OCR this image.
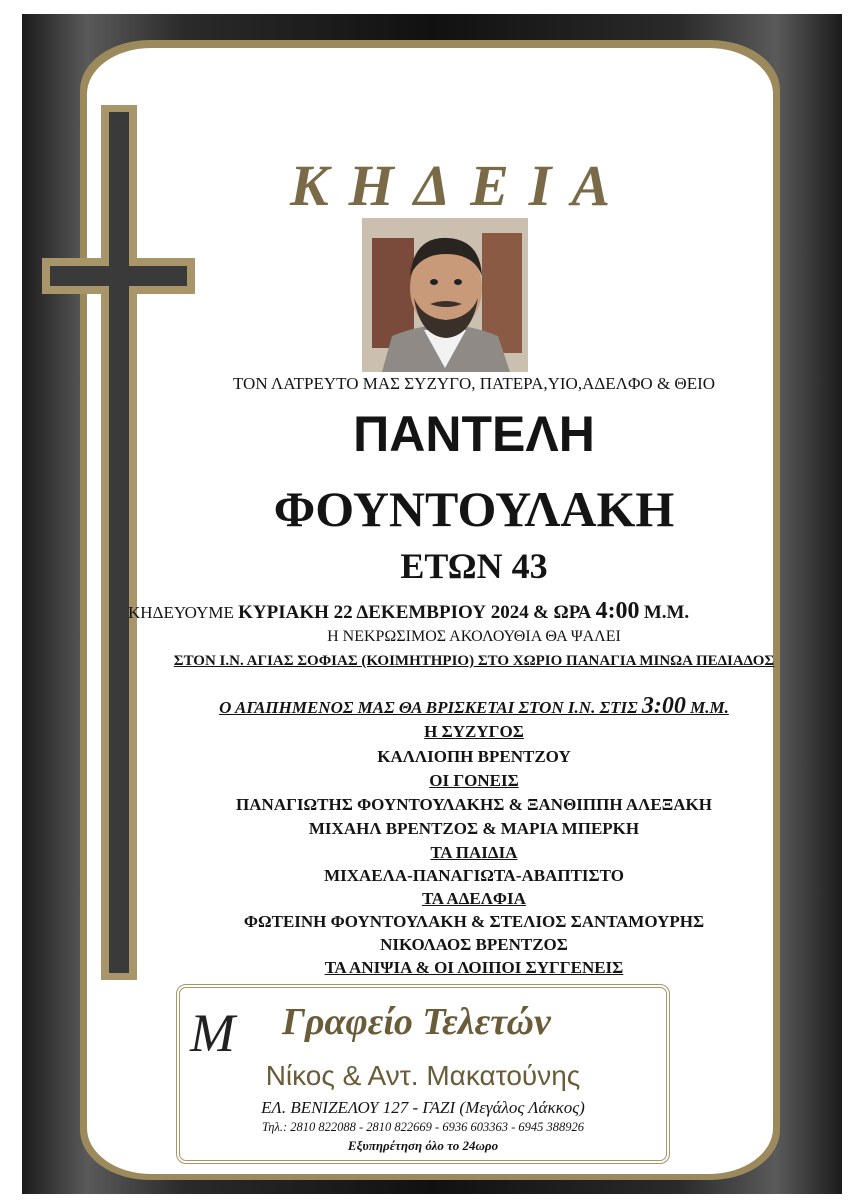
ΚΗΔΕΙΑ
ΤΟΝ ΛΑΤΡΕΥΤΟ ΜΑΣ ΣΥΖΥΓΟ, ΠΑΤΕΡΑ,ΥΙΟ,ΑΔΕΛΦΟ & ΘΕΙΟ
ΠΑΝΤΕΛΗ
ΦΟΥΝΤΟΥΛΑΚΗ
ΕΤΩΝ 43
ΚΗΔΕΥΟΥΜΕ ΚΥΡΙΑΚΗ 22 ΔΕΚΕΜΒΡΙΟΥ 2024 & ΩΡΑ 4:00 Μ.Μ.
Η ΝΕΚΡΩΣΙΜΟΣ ΑΚΟΛΟΥΘΙΑ ΘΑ ΨΑΛΕΙ
ΣΤΟΝ Ι.Ν. ΑΓΙΑΣ ΣΟΦΙΑΣ (ΚΟΙΜΗΤΗΡΙΟ) ΣΤΟ ΧΩΡΙΟ ΠΑΝΑΓΙΑ ΜΙΝΩΑ ΠΕΔΙΑΔΟΣ
Ο ΑΓΑΠΗΜΕΝΟΣ ΜΑΣ ΘΑ ΒΡΙΣΚΕΤΑΙ ΣΤΟΝ Ι.Ν. ΣΤΙΣ 3:00 Μ.Μ.
Η ΣΥΖΥΓΟΣ
ΚΑΛΛΙΟΠΗ ΒΡΕΝΤΖΟΥ
ΟΙ ΓΟΝΕΙΣ
ΠΑΝΑΓΙΩΤΗΣ ΦΟΥΝΤΟΥΛΑΚΗΣ & ΞΑΝΘΙΠΠΗ ΑΛΕΞΑΚΗ
ΜΙΧΑΗΛ ΒΡΕΝΤΖΟΣ & ΜΑΡΙΑ ΜΠΕΡΚΗ
ΤΑ ΠΑΙΔΙΑ
ΜΙΧΑΕΛΑ-ΠΑΝΑΓΙΩΤΑ-ΑΒΑΠΤΙΣΤΟ
ΤΑ ΑΔΕΛΦΙΑ
ΦΩΤΕΙΝΗ ΦΟΥΝΤΟΥΛΑΚΗ & ΣΤΕΛΙΟΣ ΣΑΝΤΑΜΟΥΡΗΣ
ΝΙΚΟΛΑΟΣ ΒΡΕΝΤΖΟΣ
ΤΑ ΑΝΙΨΙΑ & ΟΙ ΛΟΙΠΟΙ ΣΥΓΓΕΝΕΙΣ
M	Γραφείο Τελετών
Νίκος & Αντ. Μακατούνης
ΕΛ. ΒΕΝΙΖΕΛΟΥ 127 - ΓΑΖΙ (Μεγάλος Λάκκος)
Τηλ.: 2810 822088 - 2810 822669 - 6936 603363 - 6945 388926
Εξυπηρέτηση όλο το 24ωρο
